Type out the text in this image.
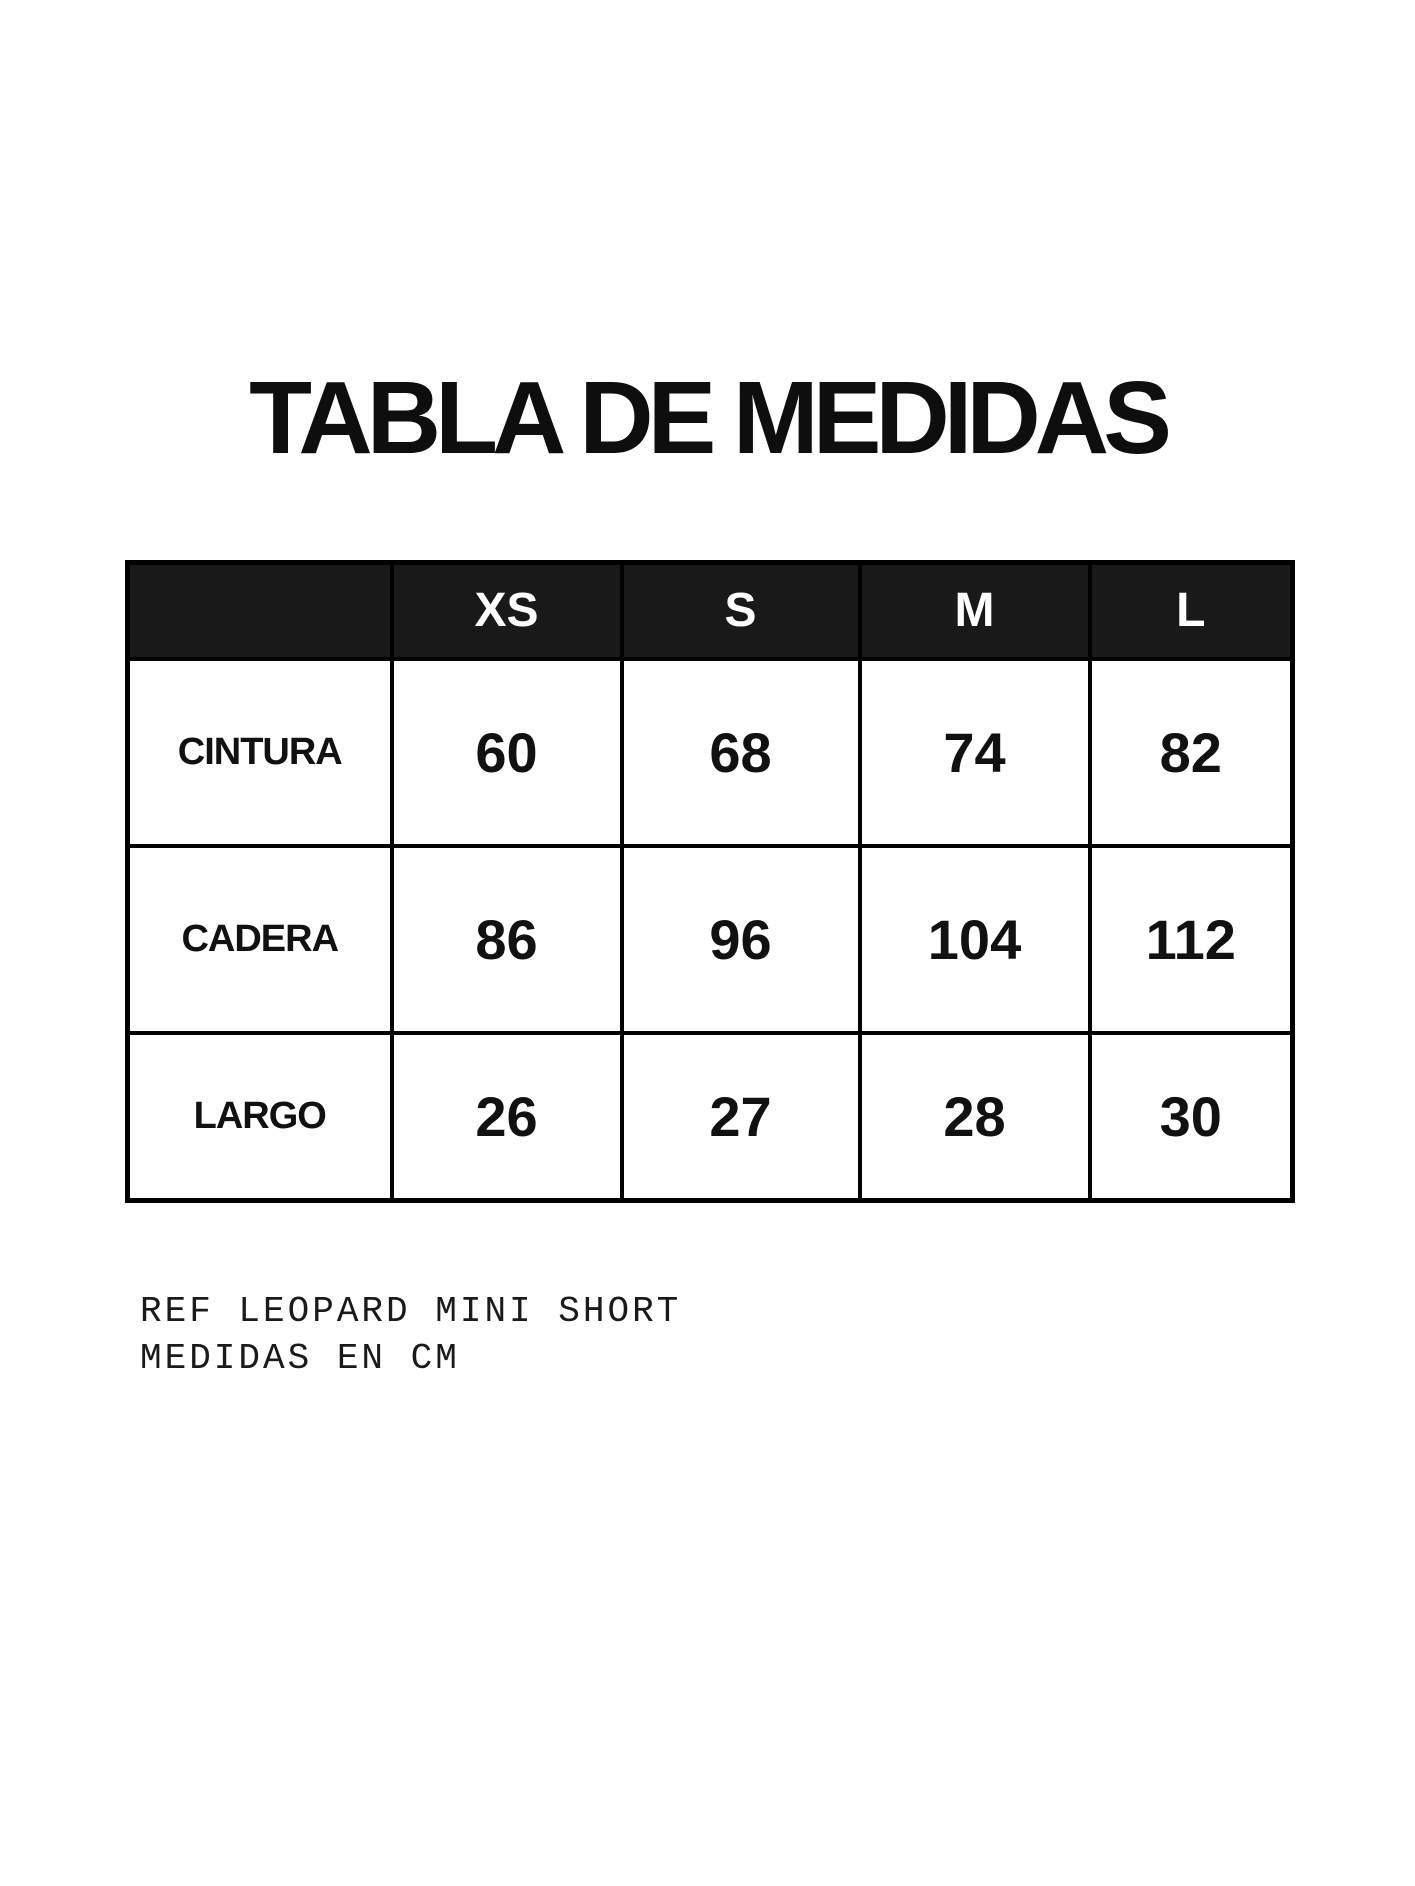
TABLA DE MEDIDAS
	XS	S	M	L
CINTURA	60	68	74	82
CADERA	86	96	104	112
LARGO	26	27	28	30
REF LEOPARD MINI SHORT
MEDIDAS EN CM
